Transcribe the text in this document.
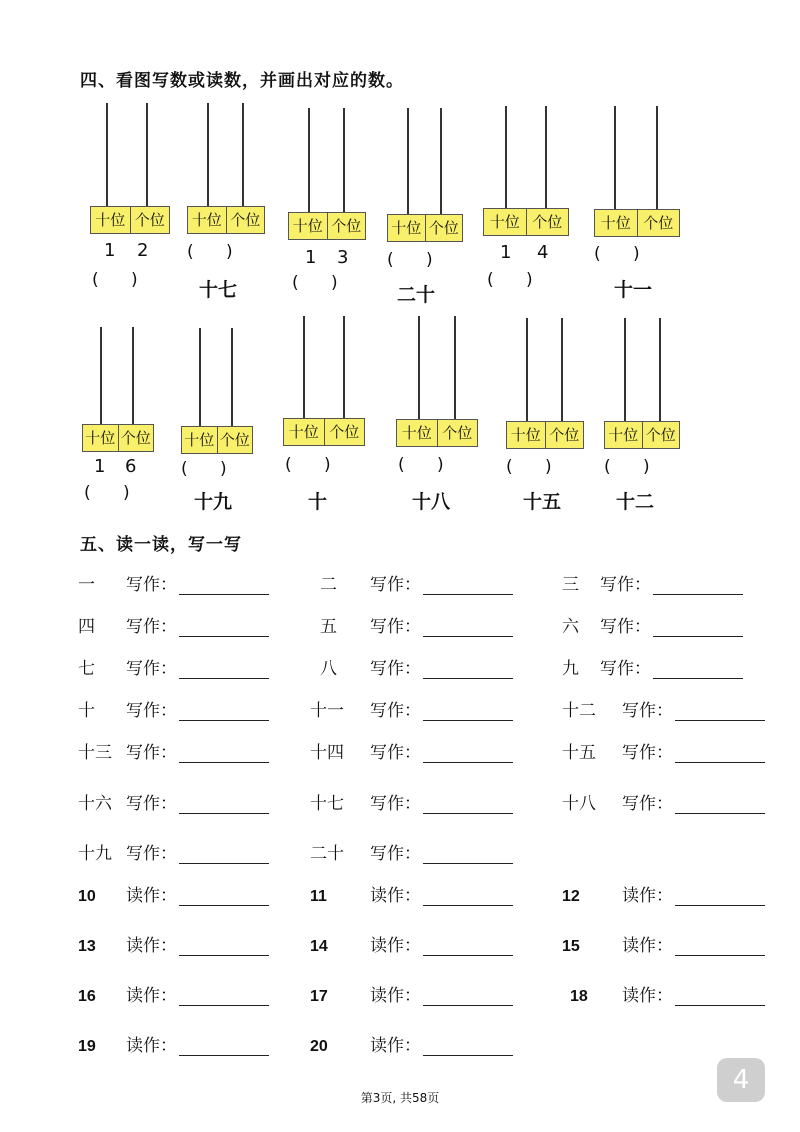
四、看图写数或读数，并画出对应的数。
十位 个位
1 2
(      )
十位 个位
(      )
十七
十位 个位
1 3
(      )
十位 个位
(      )
二十
十位 个位
1 4
(      )
十位 个位
(      )
十一
十位 个位
1 6
(      )
十位 个位
(      )
十九
十位 个位
(      )
十
十位 个位
(      )
十八
十位 个位
(      )
十五
十位 个位
(      )
十二
五、读一读，写一写
一	写作：	二	写作：	三	写作：
四	写作：	五	写作：	六	写作：
七	写作：	八	写作：	九	写作：
十	写作：	十一	写作：	十二	写作：
十三 写作：	十四	写作：	十五	写作：
十六 写作：	十七	写作：	十八	写作：
十九 写作：	二十	写作：
10	读作：	11	读作：	12	读作：
13	读作：	14	读作：	15	读作：
16	读作：	17	读作：	18	读作：
19	读作：	20	读作：
第3页, 共58页
4
